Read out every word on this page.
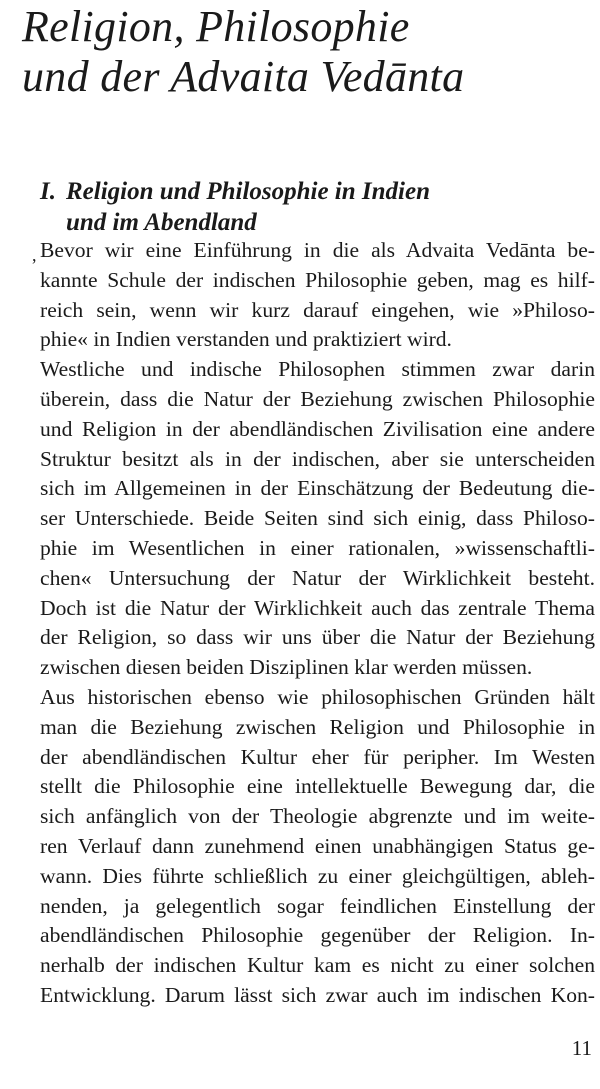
Religion, Philosophie
und der Advaita Vedānta
I. Religion und Philosophie in Indien
und im Abendland
, Bevor wir eine Einführung in die als Advaita Vedānta be-
kannte Schule der indischen Philosophie geben, mag es hilf-
reich sein, wenn wir kurz darauf eingehen, wie »Philoso-
phie« in Indien verstanden und praktiziert wird.
Westliche und indische Philosophen stimmen zwar darin
überein, dass die Natur der Beziehung zwischen Philosophie
und Religion in der abendländischen Zivilisation eine andere
Struktur besitzt als in der indischen, aber sie unterscheiden
sich im Allgemeinen in der Einschätzung der Bedeutung die-
ser Unterschiede. Beide Seiten sind sich einig, dass Philoso-
phie im Wesentlichen in einer rationalen, »wissenschaftli-
chen« Untersuchung der Natur der Wirklichkeit besteht.
Doch ist die Natur der Wirklichkeit auch das zentrale Thema
der Religion, so dass wir uns über die Natur der Beziehung
zwischen diesen beiden Disziplinen klar werden müssen.
Aus historischen ebenso wie philosophischen Gründen hält
man die Beziehung zwischen Religion und Philosophie in
der abendländischen Kultur eher für peripher. Im Westen
stellt die Philosophie eine intellektuelle Bewegung dar, die
sich anfänglich von der Theologie abgrenzte und im weite-
ren Verlauf dann zunehmend einen unabhängigen Status ge-
wann. Dies führte schließlich zu einer gleichgültigen, ableh-
nenden, ja gelegentlich sogar feindlichen Einstellung der
abendländischen Philosophie gegenüber der Religion. In-
nerhalb der indischen Kultur kam es nicht zu einer solchen
Entwicklung. Darum lässt sich zwar auch im indischen Kon-
11
